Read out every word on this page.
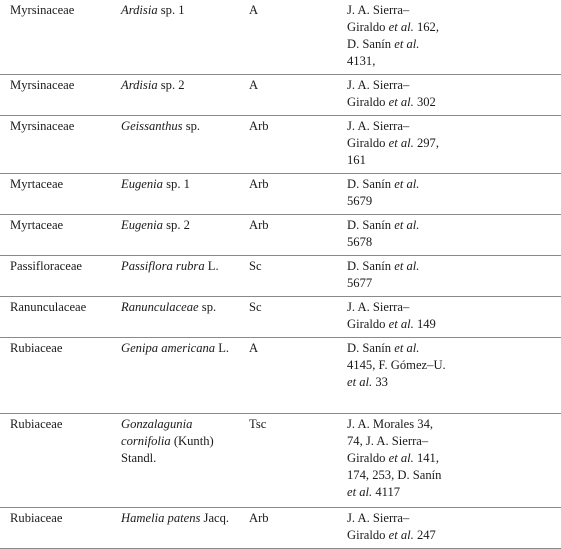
Myrsinaceae	Ardisia sp. 1	A	J. A. Sierra–Giraldo et al. 162, D. Sanín et al. 4131,
Myrsinaceae	Ardisia sp. 2	A	J. A. Sierra–Giraldo et al. 302
Myrsinaceae	Geissanthus sp.	Arb	J. A. Sierra–Giraldo et al. 297, 161
Myrtaceae	Eugenia sp. 1	Arb	D. Sanín et al. 5679
Myrtaceae	Eugenia sp. 2	Arb	D. Sanín et al. 5678
Passifloraceae	Passiflora rubra L.	Sc	D. Sanín et al. 5677
Ranunculaceae	Ranunculaceae sp.	Sc	J. A. Sierra–Giraldo et al. 149
Rubiaceae	Genipa americana L.	A	D. Sanín et al. 4145, F. Gómez–U. et al. 33
Rubiaceae	Gonzalagunia cornifolia (Kunth) Standl.	Tsc	J. A. Morales 34, 74, J. A. Sierra–Giraldo et al. 141, 174, 253, D. Sanín et al. 4117
Rubiaceae	Hamelia patens Jacq.	Arb	J. A. Sierra–Giraldo et al. 247
